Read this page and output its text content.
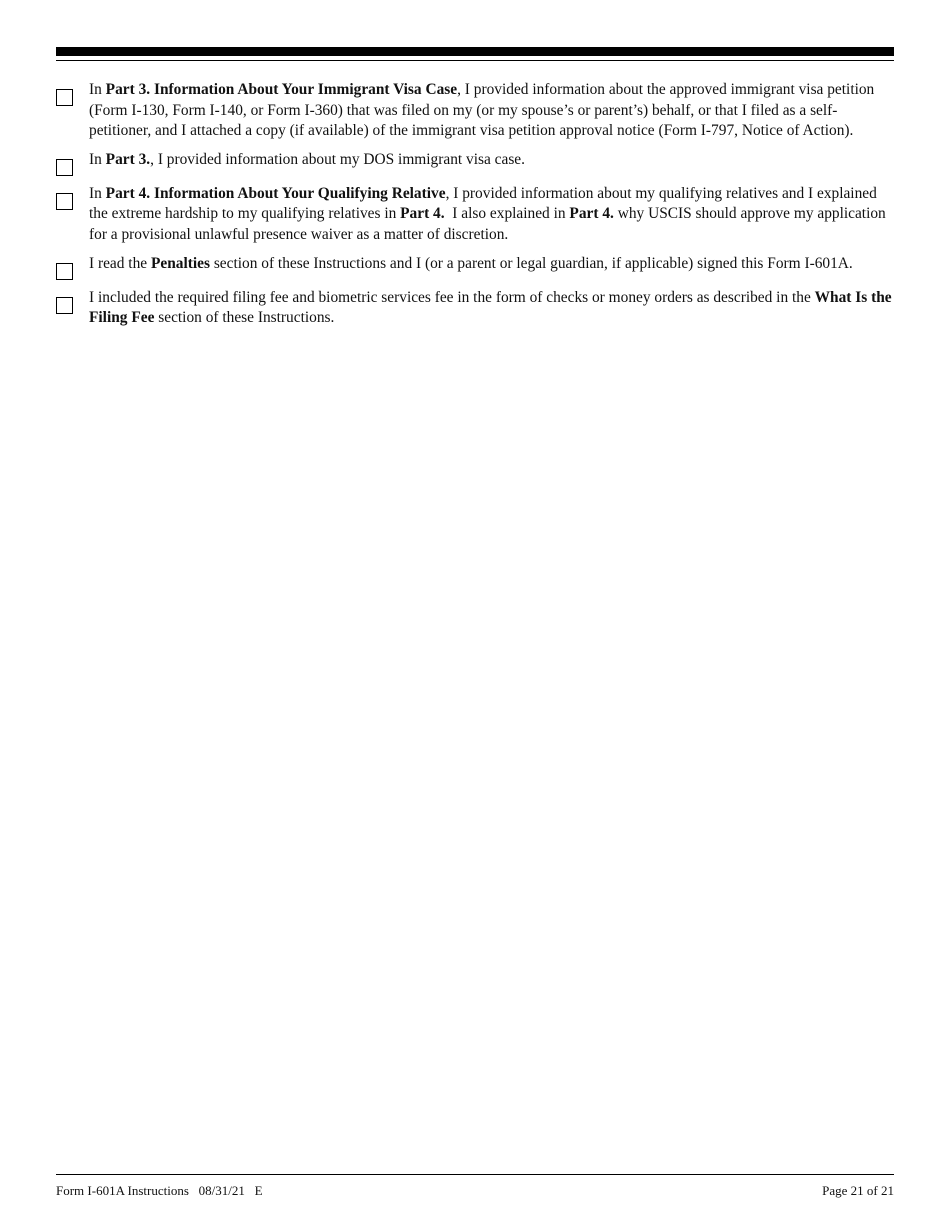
In Part 3. Information About Your Immigrant Visa Case, I provided information about the approved immigrant visa petition (Form I-130, Form I-140, or Form I-360) that was filed on my (or my spouse’s or parent’s) behalf, or that I filed as a self-petitioner, and I attached a copy (if available) of the immigrant visa petition approval notice (Form I-797, Notice of Action).
In Part 3., I provided information about my DOS immigrant visa case.
In Part 4. Information About Your Qualifying Relative, I provided information about my qualifying relatives and I explained the extreme hardship to my qualifying relatives in Part 4.  I also explained in Part 4. why USCIS should approve my application for a provisional unlawful presence waiver as a matter of discretion.
I read the Penalties section of these Instructions and I (or a parent or legal guardian, if applicable) signed this Form I-601A.
I included the required filing fee and biometric services fee in the form of checks or money orders as described in the What Is the Filing Fee section of these Instructions.
Form I-601A Instructions   08/31/21   E	Page 21 of 21
